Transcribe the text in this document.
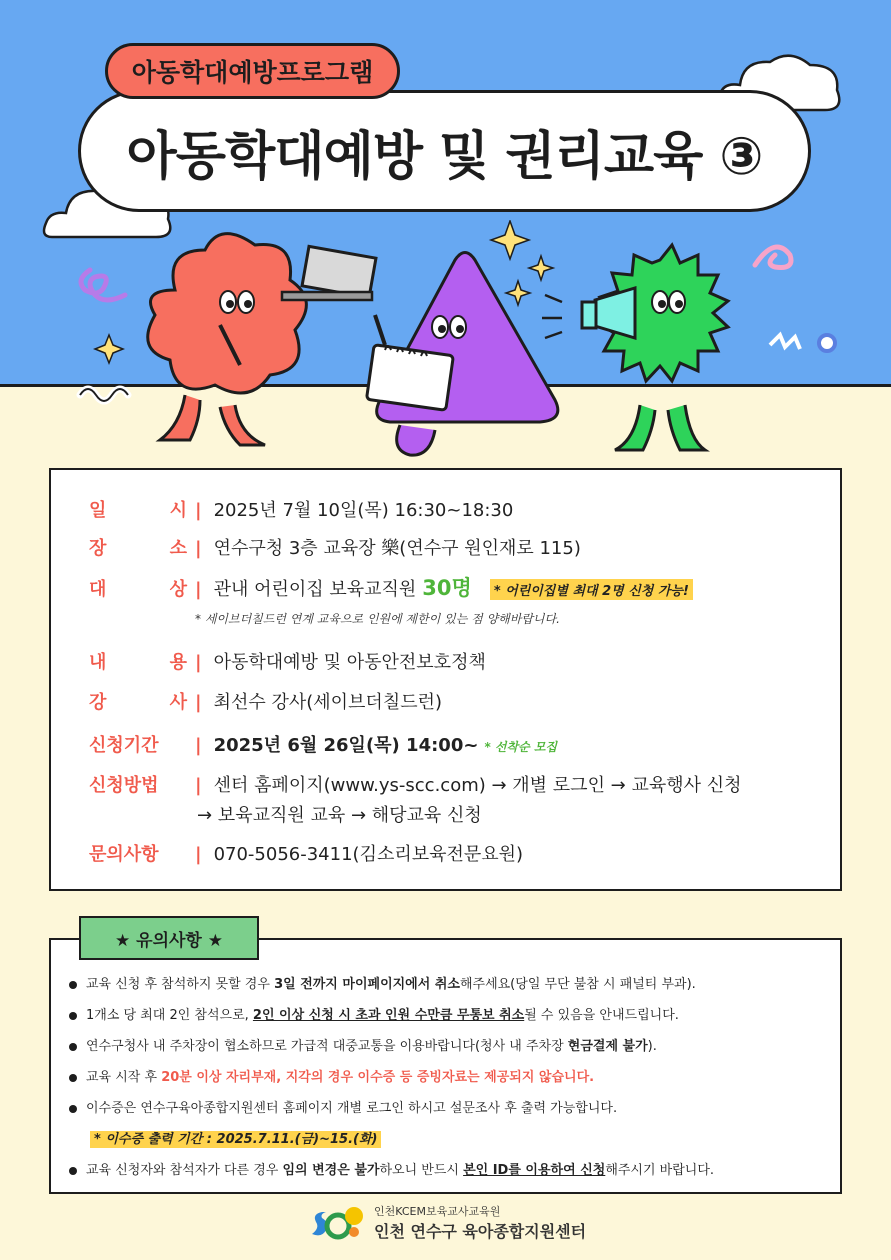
아동학대예방 및 권리교육 ③
아동학대예방프로그램
일	시 | 2025년 7월 10일(목) 16:30~18:30
장	소 | 연수구청 3층 교육장 樂(연수구 원인재로 115)
대	상 | 관내 어린이집 보육교직원 30명	* 어린이집별 최대 2명 신청 가능!
* 세이브더칠드런 연계 교육으로 인원에 제한이 있는 점 양해바랍니다.
내	용 | 아동학대예방 및 아동안전보호정책
강	사 | 최선수 강사(세이브더칠드런)
신청기간	| 2025년 6월 26일(목) 14:00~ * 선착순 모집
신청방법	| 센터 홈페이지(www.ys-scc.com) → 개별 로그인 → 교육행사 신청
→ 보육교직원 교육 → 해당교육 신청
문의사항	| 070-5056-3411(김소리보육전문요원)
★ 유의사항 ★
교육 신청 후 참석하지 못할 경우 3일 전까지 마이페이지에서 취소해주세요(당일 무단 불참 시 패널티 부과).
1개소 당 최대 2인 참석으로, 2인 이상 신청 시 초과 인원 수만큼 무통보 취소될 수 있음을 안내드립니다.
연수구청사 내 주차장이 협소하므로 가급적 대중교통을 이용바랍니다(청사 내 주차장 현금결제 불가).
교육 시작 후 20분 이상 자리부재, 지각의 경우 이수증 등 증빙자료는 제공되지 않습니다.
이수증은 연수구육아종합지원센터 홈페이지 개별 로그인 하시고 설문조사 후 출력 가능합니다.
* 이수증 출력 기간 : 2025.7.11.(금)~15.(화)
교육 신청자와 참석자가 다른 경우 임의 변경은 불가하오니 반드시 본인 ID를 이용하여 신청해주시기 바랍니다.
인천KCEM보육교사교육원
인천 연수구 육아종합지원센터
